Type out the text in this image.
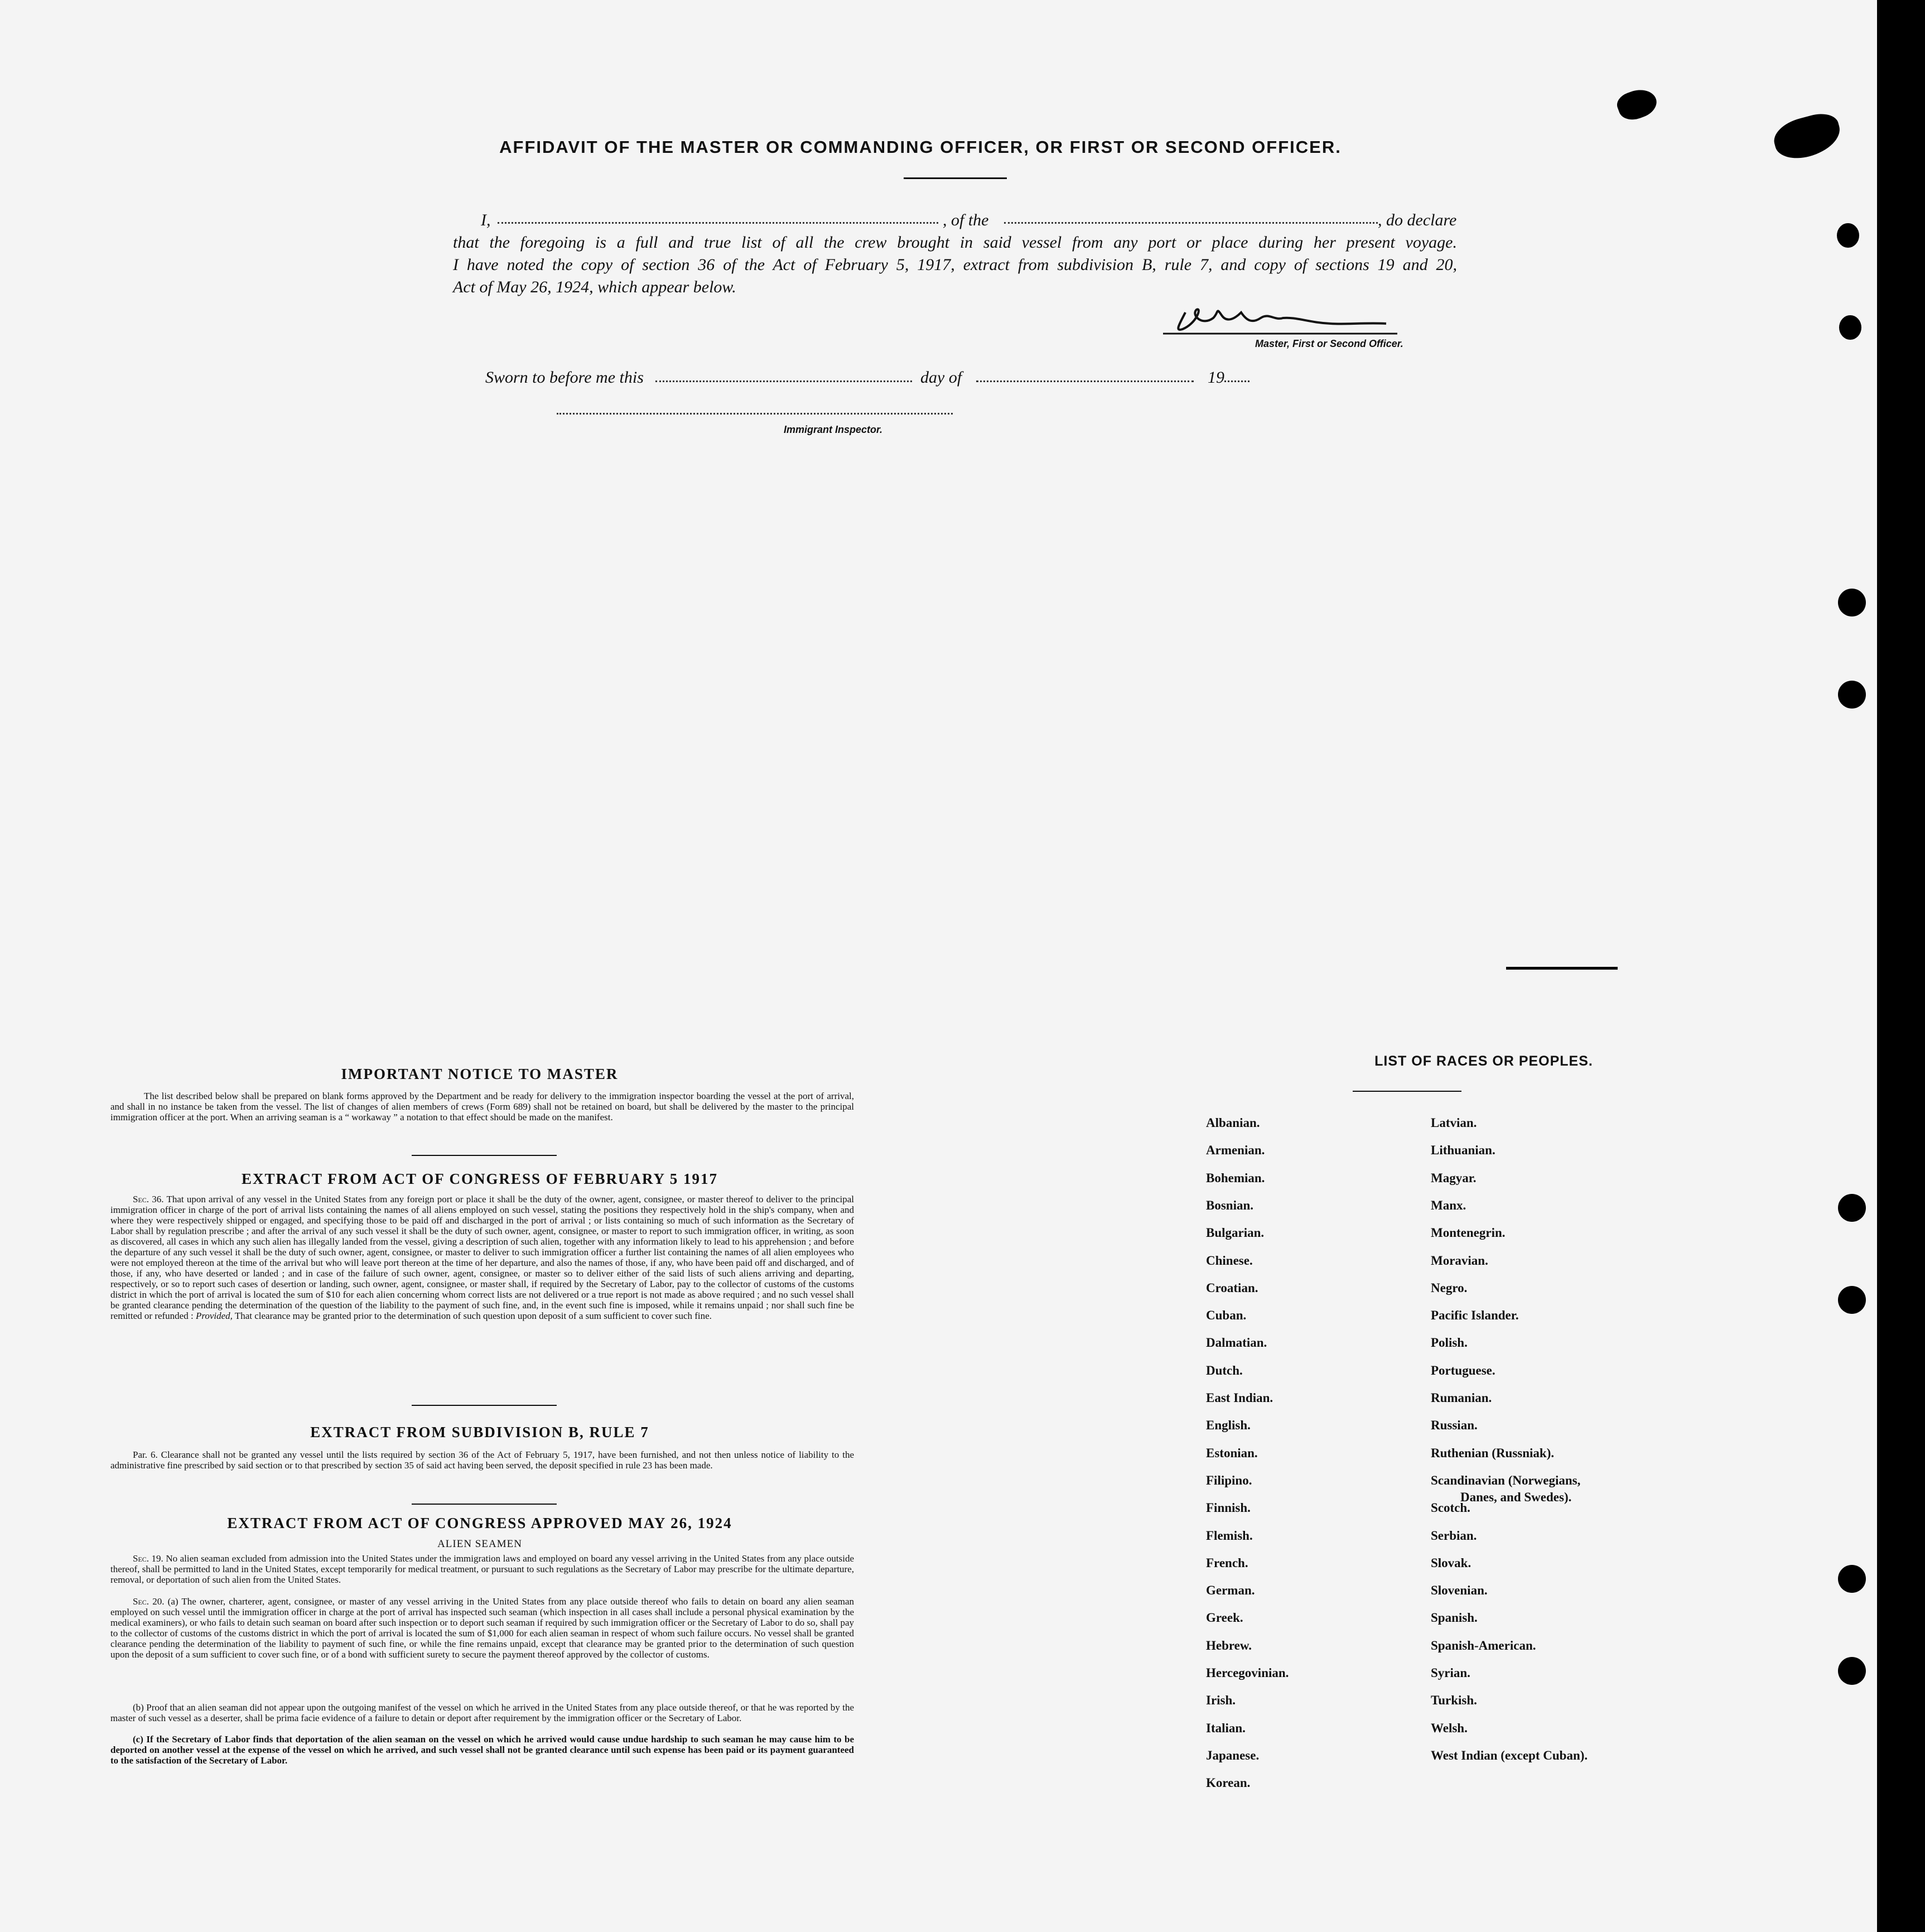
AFFIDAVIT OF THE MASTER OR COMMANDING OFFICER, OR FIRST OR SECOND OFFICER.
I,	, of the	, do declare
that the foregoing is a full and true list of all the crew brought in said vessel from any port or place during her present voyage.
I have noted the copy of section 36 of the Act of February 5, 1917, extract from subdivision B, rule 7, and copy of sections 19 and 20,
Act of May 26, 1924, which appear below.
Master, First or Second Officer.
Sworn to before me this	day of	19
Immigrant Inspector.
IMPORTANT NOTICE TO MASTER

The list described below shall be prepared on blank forms approved by the Department and be ready for delivery to the immigration inspector boarding the vessel at the port of arrival, and shall in no instance be taken from the vessel. The list of changes of alien members of crews (Form 689) shall not be retained on board, but shall be delivered by the master to the principal immigration officer at the port. When an arriving seaman is a “ workaway ” a notation to that effect should be made on the manifest.

EXTRACT FROM ACT OF CONGRESS OF FEBRUARY 5 1917

Sec. 36. That upon arrival of any vessel in the United States from any foreign port or place it shall be the duty of the owner, agent, consignee, or master thereof to deliver to the principal immigration officer in charge of the port of arrival lists containing the names of all aliens employed on such vessel, stating the positions they respectively hold in the ship's company, when and where they were respectively shipped or engaged, and specifying those to be paid off and discharged in the port of arrival ; or lists containing so much of such information as the Secretary of Labor shall by regulation prescribe ; and after the arrival of any such vessel it shall be the duty of such owner, agent, consignee, or master to report to such immigration officer, in writing, as soon as discovered, all cases in which any such alien has illegally landed from the vessel, giving a description of such alien, together with any information likely to lead to his apprehension ; and before the departure of any such vessel it shall be the duty of such owner, agent, consignee, or master to deliver to such immigration officer a further list containing the names of all alien employees who were not employed thereon at the time of the arrival but who will leave port thereon at the time of her departure, and also the names of those, if any, who have been paid off and discharged, and of those, if any, who have deserted or landed ; and in case of the failure of such owner, agent, consignee, or master so to deliver either of the said lists of such aliens arriving and departing, respectively, or so to report such cases of desertion or landing, such owner, agent, consignee, or master shall, if required by the Secretary of Labor, pay to the collector of customs of the customs district in which the port of arrival is located the sum of $10 for each alien concerning whom correct lists are not delivered or a true report is not made as above required ; and no such vessel shall be granted clearance pending the determination of the question of the liability to the payment of such fine, and, in the event such fine is imposed, while it remains unpaid ; nor shall such fine be remitted or refunded : Provided, That clearance may be granted prior to the determination of such question upon deposit of a sum sufficient to cover such fine.

EXTRACT FROM SUBDIVISION B, RULE 7

Par. 6. Clearance shall not be granted any vessel until the lists required by section 36 of the Act of February 5, 1917, have been furnished, and not then unless notice of liability to the administrative fine prescribed by said section or to that prescribed by section 35 of said act having been served, the deposit specified in rule 23 has been made.

EXTRACT FROM ACT OF CONGRESS APPROVED MAY 26, 1924
ALIEN SEAMEN

Sec. 19. No alien seaman excluded from admission into the United States under the immigration laws and employed on board any vessel arriving in the United States from any place outside thereof, shall be permitted to land in the United States, except temporarily for medical treatment, or pursuant to such regulations as the Secretary of Labor may prescribe for the ultimate departure, removal, or deportation of such alien from the United States.

Sec. 20. (a) The owner, charterer, agent, consignee, or master of any vessel arriving in the United States from any place outside thereof who fails to detain on board any alien seaman employed on such vessel until the immigration officer in charge at the port of arrival has inspected such seaman (which inspection in all cases shall include a personal physical examination by the medical examiners), or who fails to detain such seaman on board after such inspection or to deport such seaman if required by such immigration officer or the Secretary of Labor to do so, shall pay to the collector of customs of the customs district in which the port of arrival is located the sum of $1,000 for each alien seaman in respect of whom such failure occurs. No vessel shall be granted clearance pending the determination of the liability to payment of such fine, or while the fine remains unpaid, except that clearance may be granted prior to the determination of such question upon the deposit of a sum sufficient to cover such fine, or of a bond with sufficient surety to secure the payment thereof approved by the collector of customs.

(b) Proof that an alien seaman did not appear upon the outgoing manifest of the vessel on which he arrived in the United States from any place outside thereof, or that he was reported by the master of such vessel as a deserter, shall be prima facie evidence of a failure to detain or deport after requirement by the immigration officer or the Secretary of Labor.

(c) If the Secretary of Labor finds that deportation of the alien seaman on the vessel on which he arrived would cause undue hardship to such seaman he may cause him to be deported on another vessel at the expense of the vessel on which he arrived, and such vessel shall not be granted clearance until such expense has been paid or its payment guaranteed to the satisfaction of the Secretary of Labor.

LIST OF RACES OR PEOPLES.
Albanian.
Armenian.
Bohemian.
Bosnian.
Bulgarian.
Chinese.
Croatian.
Cuban.
Dalmatian.
Dutch.
East Indian.
English.
Estonian.
Filipino.
Finnish.
Flemish.
French.
German.
Greek.
Hebrew.
Hercegovinian.
Irish.
Italian.
Japanese.
Korean.
Latvian.
Lithuanian.
Magyar.
Manx.
Montenegrin.
Moravian.
Negro.
Pacific Islander.
Polish.
Portuguese.
Rumanian.
Russian.
Ruthenian (Russniak).
Scandinavian (Norwegians,
Danes, and Swedes).
Scotch.
Serbian.
Slovak.
Slovenian.
Spanish.
Spanish-American.
Syrian.
Turkish.
Welsh.
West Indian (except Cuban).
